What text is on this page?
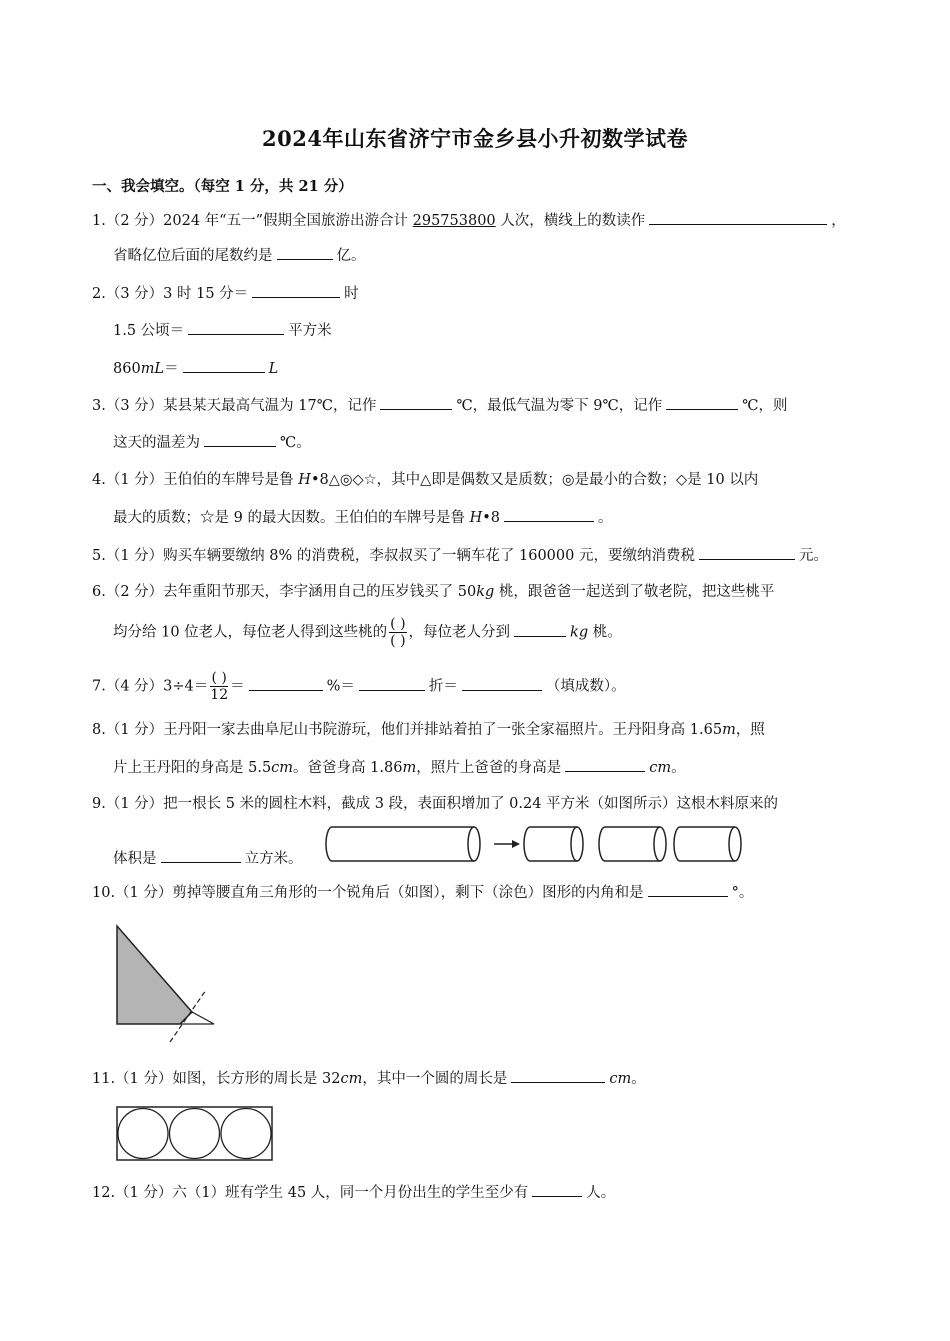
2024年山东省济宁市金乡县小升初数学试卷
一、我会填空。（每空 1 分，共 21 分）
1.（2 分）2024 年“五一”假期全国旅游出游合计 295753800 人次，横线上的数读作	，
省略亿位后面的尾数约是	亿。
2.（3 分）3 时 15 分＝	时
1.5 公顷＝	平方米
860mL＝	L
3.（3 分）某县某天最高气温为 17℃，记作	℃，最低气温为零下 9℃，记作	℃，则
这天的温差为	℃。
4.（1 分）王伯伯的车牌号是鲁 H•8△◎◇☆，其中△即是偶数又是质数；◎是最小的合数；◇是 10 以内
最大的质数；☆是 9 的最大因数。王伯伯的车牌号是鲁 H•8	。
5.（1 分）购买车辆要缴纳 8% 的消费税，李叔叔买了一辆车花了 160000 元，要缴纳消费税	元。
6.（2 分）去年重阳节那天，李宇涵用自己的压岁钱买了 50kg 桃，跟爸爸一起送到了敬老院，把这些桃平
均分给 10 位老人，每位老人得到这些桃的 $\frac{( )}{( )}$ ，每位老人分到	kg 桃。
7.（4 分）$3\div 4= \frac{( )}{12}$ ＝	%＝	折＝	（填成数）。
8.（1 分）王丹阳一家去曲阜尼山书院游玩，他们并排站着拍了一张全家福照片。王丹阳身高 1.65m，照
片上王丹阳的身高是 5.5cm。爸爸身高 1.86m，照片上爸爸的身高是	cm。
9.（1 分）把一根长 5 米的圆柱木料，截成 3 段，表面积增加了 0.24 平方米（如图所示）这根木料原来的
体积是	立方米。
10.（1 分）剪掉等腰直角三角形的一个锐角后（如图），剩下（涂色）图形的内角和是	°。
11.（1 分）如图，长方形的周长是 32cm，其中一个圆的周长是	cm。
12.（1 分）六（1）班有学生 45 人，同一个月份出生的学生至少有	人。
